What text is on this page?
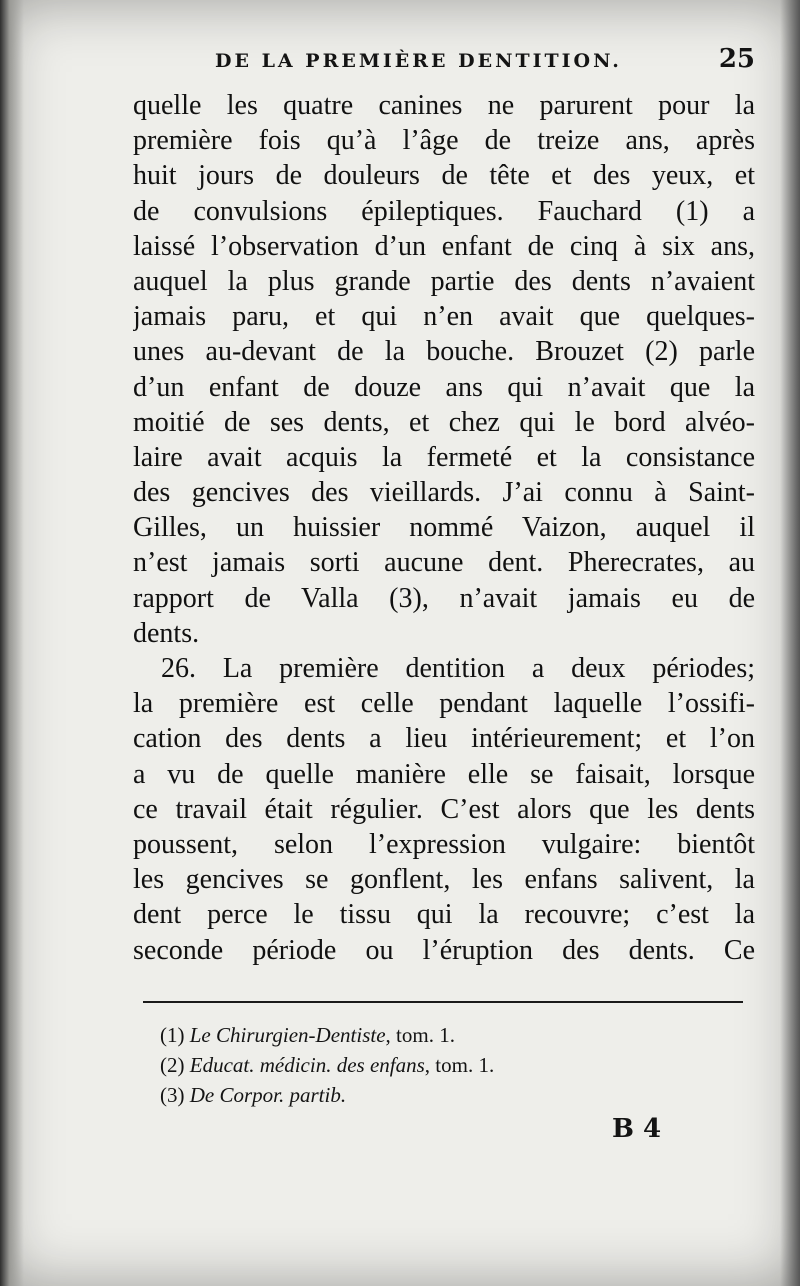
DE LA PREMIÈRE DENTITION.	25
quelle les quatre canines ne parurent pour la
première fois qu’à l’âge de treize ans, après
huit jours de douleurs de tête et des yeux, et
de convulsions épileptiques. Fauchard (1) a
laissé l’observation d’un enfant de cinq à six ans,
auquel la plus grande partie des dents n’avaient
jamais paru, et qui n’en avait que quelques-
unes au-devant de la bouche. Brouzet (2) parle
d’un enfant de douze ans qui n’avait que la
moitié de ses dents, et chez qui le bord alvéo-
laire avait acquis la fermeté et la consistance
des gencives des vieillards. J’ai connu à Saint-
Gilles, un huissier nommé Vaizon, auquel il
n’est jamais sorti aucune dent. Pherecrates, au
rapport de Valla (3), n’avait jamais eu de
dents.
26. La première dentition a deux périodes;
la première est celle pendant laquelle l’ossifi-
cation des dents a lieu intérieurement; et l’on
a vu de quelle manière elle se faisait, lorsque
ce travail était régulier. C’est alors que les dents
poussent, selon l’expression vulgaire: bientôt
les gencives se gonflent, les enfans salivent, la
dent perce le tissu qui la recouvre; c’est la
seconde période ou l’éruption des dents. Ce
(1) Le Chirurgien-Dentiste, tom. 1.
(2) Educat. médicin. des enfans, tom. 1.
(3) De Corpor. partib.
B 4
